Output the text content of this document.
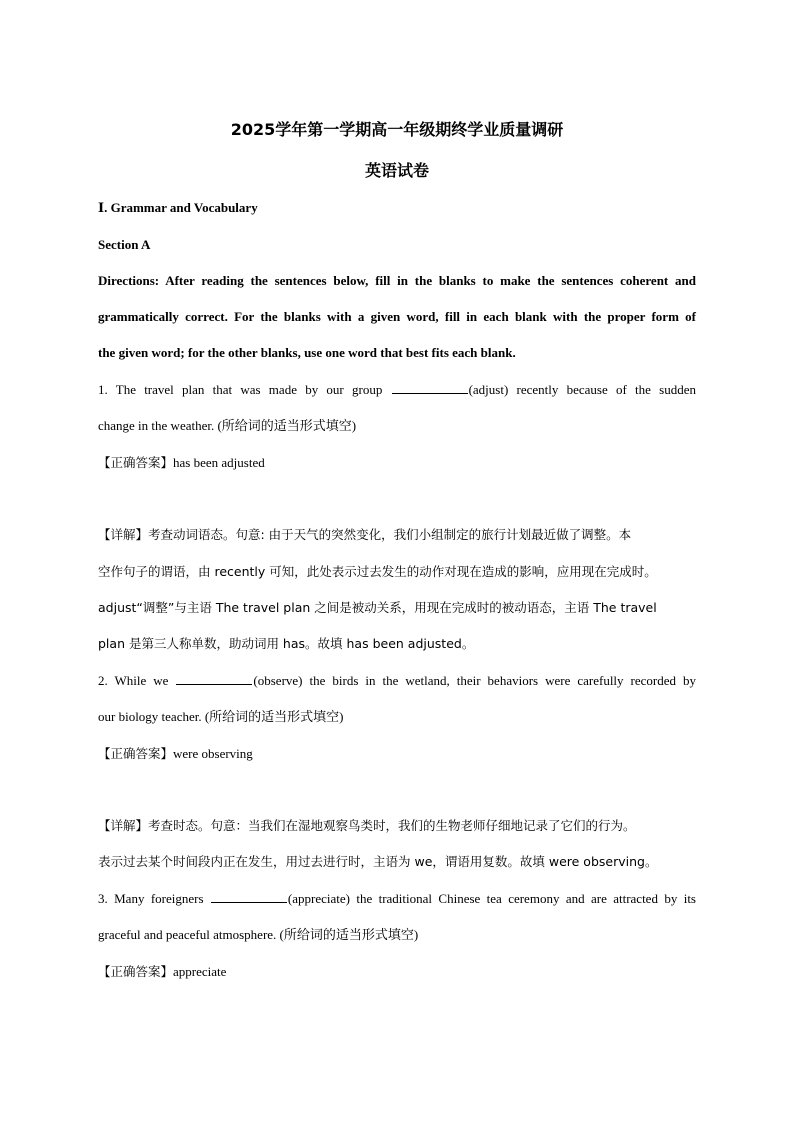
2025学年第一学期高一年级期终学业质量调研
英语试卷

Ⅰ. Grammar and Vocabulary

Section A

Directions: After reading the sentences below, fill in the blanks to make the sentences coherent and

grammatically correct. For the blanks with a given word, fill in each blank with the proper form of

the given word; for the other blanks, use one word that best fits each blank.

1. The travel plan that was made by our group	(adjust) recently because of the sudden

change in the weather. (所给词的适当形式填空)

【正确答案】has been adjusted

【详解】考查动词语态。句意: 由于天气的突然变化，我们小组制定的旅行计划最近做了调整。本

空作句子的谓语，由 recently 可知，此处表示过去发生的动作对现在造成的影响，应用现在完成时。

adjust“调整”与主语 The travel plan 之间是被动关系，用现在完成时的被动语态，主语 The travel

plan 是第三人称单数，助动词用 has。故填 has been adjusted。

2. While we	(observe) the birds in the wetland, their behaviors were carefully recorded by

our biology teacher. (所给词的适当形式填空)

【正确答案】were observing

【详解】考查时态。句意：当我们在湿地观察鸟类时，我们的生物老师仔细地记录了它们的行为。

表示过去某个时间段内正在发生，用过去进行时，主语为 we，谓语用复数。故填 were observing。

3. Many foreigners	(appreciate) the traditional Chinese tea ceremony and are attracted by its

graceful and peaceful atmosphere. (所给词的适当形式填空)

【正确答案】appreciate
